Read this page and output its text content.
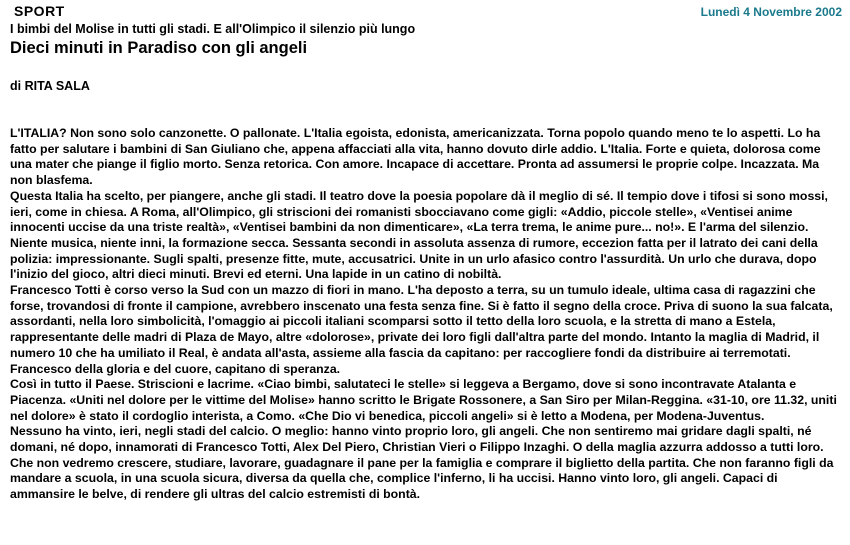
SPORT	Lunedì 4 Novembre 2002
I bimbi del Molise in tutti gli stadi. E all'Olimpico il silenzio più lungo
Dieci minuti in Paradiso con gli angeli
di RITA SALA

L'ITALIA? Non sono solo canzonette. O pallonate. L'Italia egoista, edonista, americanizzata. Torna popolo quando meno te lo aspetti. Lo ha fatto per salutare i bambini di San Giuliano che, appena affacciati alla vita, hanno dovuto dirle addio. L'Italia. Forte e quieta, dolorosa come una mater che piange il figlio morto. Senza retorica. Con amore. Incapace di accettare. Pronta ad assumersi le proprie colpe. Incazzata. Ma non blasfema.

Questa Italia ha scelto, per piangere, anche gli stadi. Il teatro dove la poesia popolare dà il meglio di sé. Il tempio dove i tifosi si sono mossi, ieri, come in chiesa. A Roma, all'Olimpico, gli striscioni dei romanisti sbocciavano come gigli: «Addio, piccole stelle», «Ventisei anime innocenti uccise da una triste realtà», «Ventisei bambini da non dimenticare», «La terra trema, le anime pure... no!». E l'arma del silenzio. Niente musica, niente inni, la formazione secca. Sessanta secondi in assoluta assenza di rumore, eccezion fatta per il latrato dei cani della polizia: impressionante. Sugli spalti, presenze fitte, mute, accusatrici. Unite in un urlo afasico contro l'assurdità. Un urlo che durava, dopo l'inizio del gioco, altri dieci minuti. Brevi ed eterni. Una lapide in un catino di nobiltà.

Francesco Totti è corso verso la Sud con un mazzo di fiori in mano. L'ha deposto a terra, su un tumulo ideale, ultima casa di ragazzini che forse, trovandosi di fronte il campione, avrebbero inscenato una festa senza fine. Si è fatto il segno della croce. Priva di suono la sua falcata, assordanti, nella loro simbolicità, l'omaggio ai piccoli italiani scomparsi sotto il tetto della loro scuola, e la stretta di mano a Estela, rappresentante delle madri di Plaza de Mayo, altre «dolorose», private dei loro figli dall'altra parte del mondo. Intanto la maglia di Madrid, il numero 10 che ha umiliato il Real, è andata all'asta, assieme alla fascia da capitano: per raccogliere fondi da distribuire ai terremotati. Francesco della gloria e del cuore, capitano di speranza.

Così in tutto il Paese. Striscioni e lacrime. «Ciao bimbi, salutateci le stelle» si leggeva a Bergamo, dove si sono incontravate Atalanta e Piacenza. «Uniti nel dolore per le vittime del Molise» hanno scritto le Brigate Rossonere, a San Siro per Milan-Reggina. «31-10, ore 11.32, uniti nel dolore» è stato il cordoglio interista, a Como. «Che Dio vi benedica, piccoli angeli» si è letto a Modena, per Modena-Juventus.

Nessuno ha vinto, ieri, negli stadi del calcio. O meglio: hanno vinto proprio loro, gli angeli. Che non sentiremo mai gridare dagli spalti, né domani, né dopo, innamorati di Francesco Totti, Alex Del Piero, Christian Vieri o Filippo Inzaghi. O della maglia azzurra addosso a tutti loro. Che non vedremo crescere, studiare, lavorare, guadagnare il pane per la famiglia e comprare il biglietto della partita. Che non faranno figli da mandare a scuola, in una scuola sicura, diversa da quella che, complice l'inferno, li ha uccisi. Hanno vinto loro, gli angeli. Capaci di ammansire le belve, di rendere gli ultras del calcio estremisti di bontà.
